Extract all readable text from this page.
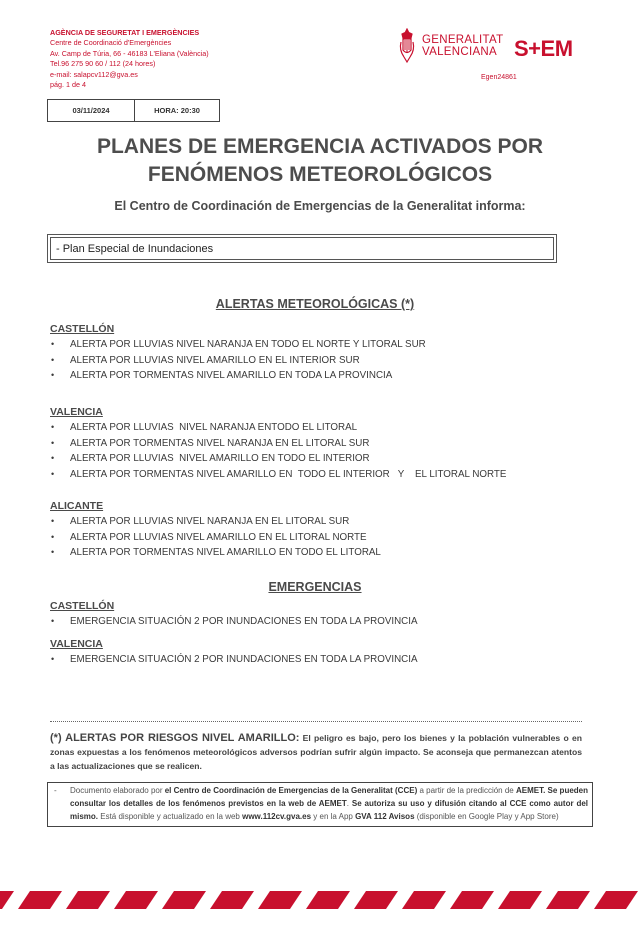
AGÈNCIA DE SEGURETAT I EMERGÈNCIES
Centre de Coordinació d'Emergències
Av. Camp de Túria, 66 - 46183 L'Eliana (València)
Tel.96 275 90 60 / 112 (24 hores)
e-mail: salapcv112@gva.es
pág. 1 de 4
GENERALITAT
VALENCIANA S+EM
Egen24861
03/11/2024	HORA: 20:30
PLANES DE EMERGENCIA ACTIVADOS POR
FENÓMENOS METEOROLÓGICOS
El Centro de Coordinación de Emergencias de la Generalitat informa:
- Plan Especial de Inundaciones
ALERTAS METEOROLÓGICAS (*)
CASTELLÓN
• ALERTA POR LLUVIAS NIVEL NARANJA EN TODO EL NORTE Y LITORAL SUR
• ALERTA POR LLUVIAS NIVEL AMARILLO EN EL INTERIOR SUR
• ALERTA POR TORMENTAS NIVEL AMARILLO EN TODA LA PROVINCIA
VALENCIA
• ALERTA POR LLUVIAS  NIVEL NARANJA ENTODO EL LITORAL
• ALERTA POR TORMENTAS NIVEL NARANJA EN EL LITORAL SUR
• ALERTA POR LLUVIAS  NIVEL AMARILLO EN TODO EL INTERIOR
• ALERTA POR TORMENTAS NIVEL AMARILLO EN  TODO EL INTERIOR   Y    EL LITORAL NORTE
ALICANTE
• ALERTA POR LLUVIAS NIVEL NARANJA EN EL LITORAL SUR
• ALERTA POR LLUVIAS NIVEL AMARILLO EN EL LITORAL NORTE
• ALERTA POR TORMENTAS NIVEL AMARILLO EN TODO EL LITORAL
EMERGENCIAS
CASTELLÓN
• EMERGENCIA SITUACIÓN 2 POR INUNDACIONES EN TODA LA PROVINCIA
VALENCIA
• EMERGENCIA SITUACIÓN 2 POR INUNDACIONES EN TODA LA PROVINCIA
(*) ALERTAS POR RIESGOS NIVEL AMARILLO: El peligro es bajo, pero los bienes y la población vulnerables o en zonas expuestas a los fenómenos meteorológicos adversos podrían sufrir algún impacto. Se aconseja que permanezcan atentos a las actualizaciones que se realicen.

- Documento elaborado por el Centro de Coordinación de Emergencias de la Generalitat (CCE) a partir de la predicción de AEMET. Se pueden consultar los detalles de los fenómenos previstos en la web de AEMET. Se autoriza su uso y difusión citando al CCE como autor del mismo. Está disponible y actualizado en la web www.112cv.gva.es y en la App GVA 112 Avisos (disponible en Google Play y App Store)
